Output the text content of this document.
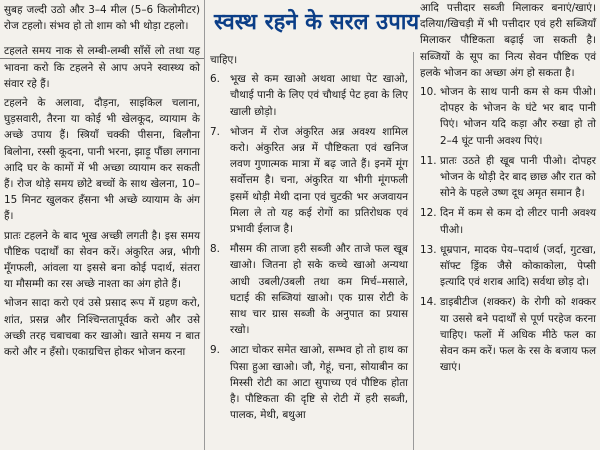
स्वस्थ रहने के सरल उपाय

सुबह जल्दी उठो और 3–4 मील (5–6 किलोमीटर) रोज टहलो। संभव हो तो शाम को भी थोड़ा टहलो।

टहलते समय नाक से लम्बी-लम्बी साँसें लो तथा यह भावना करो कि टहलने से आप अपने स्वास्थ्य को संवार रहे हैं।

टहलने के अलावा, दौड़ना, साइकिल चलाना, घुड़सवारी, तैरना या कोई भी खेलकूद, व्यायाम के अच्छे उपाय हैं। स्त्रियाँ चक्की पीसना, बिलौना बिलोना, रस्सी कूदना, पानी भरना, झाड़ू पौंछा लगाना आदि घर के कामों में भी अच्छा व्यायाम कर सकती हैं। रोज थोड़े समय छोटे बच्चों के साथ खेलना, 10–15 मिनट खुलकर हँसना भी अच्छे व्यायाम के अंग हैं।

प्रातः टहलने के बाद भूख अच्छी लगती है। इस समय पौष्टिक पदार्थों का सेवन करें। अंकुरित अन्न, भीगी मूँगफली, आंवला या इससे बना कोई पदार्थ, संतरा या मौसम्मी का रस अच्छे नाश्ता का अंग होते हैं।

भोजन सादा करो एवं उसे प्रसाद रूप में ग्रहण करो, शांत, प्रसन्न और निश्चिन्ततापूर्वक करो और उसे अच्छी तरह चबाचबा कर खाओ। खाते समय न बात करो और न हँसो। एकाग्रचित्त होकर भोजन करना

चाहिए।

6. भूख से कम खाओ अथवा आधा पेट खाओ, चौथाई पानी के लिए एवं चौथाई पेट हवा के लिए खाली छोड़ो।
7. भोजन में रोज अंकुरित अन्न अवश्य शामिल करो। अंकुरित अन्न में पौष्टिकता एवं खनिज लवण गुणात्मक मात्रा में बढ़ जाते हैं। इनमें मूंग सर्वोत्तम है। चना, अंकुरित या भीगी मूंगफली इसमें थोड़ी मेथी दाना एवं चुटकी भर अजवायन मिला ले तो यह कई रोगों का प्रतिरोधक एवं प्रभावी ईलाज है।
8. मौसम की ताजा हरी सब्जी और ताजे फल खूब खाओ। जितना हो सके कच्चे खाओ अन्यथा आधी उबली/उबली तथा कम मिर्च–मसाले, घटाई की सब्जियां खाओ। एक ग्रास रोटी के साथ चार ग्रास सब्जी के अनुपात का प्रयास रखो।
9. आटा चोकर समेत खाओ, सम्भव हो तो हाथ का पिसा हुआ खाओ। जौ, गेहूं, चना, सोयाबीन का मिस्सी रोटी का आटा सुपाच्य एवं पौष्टिक होता है। पौष्टिकता की दृष्टि से रोटी में हरी सब्जी, पालक, मेथी, बथुआ

आदि पत्तीदार सब्जी मिलाकर बनाएं/खाएं। दलिया/खिचड़ी में भी पत्तीदार एवं हरी सब्जियाँ मिलाकर पौष्टिकता बढ़ाई जा सकती है। सब्जियों के सूप का नित्य सेवन पौष्टिक एवं हलके भोजन का अच्छा अंग हो सकता है।

10. भोजन के साथ पानी कम से कम पीओ। दोपहर के भोजन के घंटे भर बाद पानी पिएं। भोजन यदि कड़ा और रुखा हो तो 2–4 घूंट पानी अवश्य पिएं।
11. प्रातः उठते ही खूब पानी पीओ। दोपहर भोजन के थोड़ी देर बाद छाछ और रात को सोने के पहले उष्ण दूध अमृत समान है।
12. दिन में कम से कम दो लीटर पानी अवश्य पीओ।
13. धूम्रपान, मादक पेय–पदार्थ (जर्दा, गुटखा, सॉफ्ट ड्रिंक जैसे कोकाकोला, पेप्सी इत्यादि एवं शराब आदि) सर्वथा छोड़ दो।
14. डाइबीटीज (शक्कर) के रोगी को शक्कर या उससे बने पदार्थों से पूर्ण परहेज करना चाहिए। फलों में अधिक मीठे फल का सेवन कम करें। फल के रस के बजाय फल खाएं।
